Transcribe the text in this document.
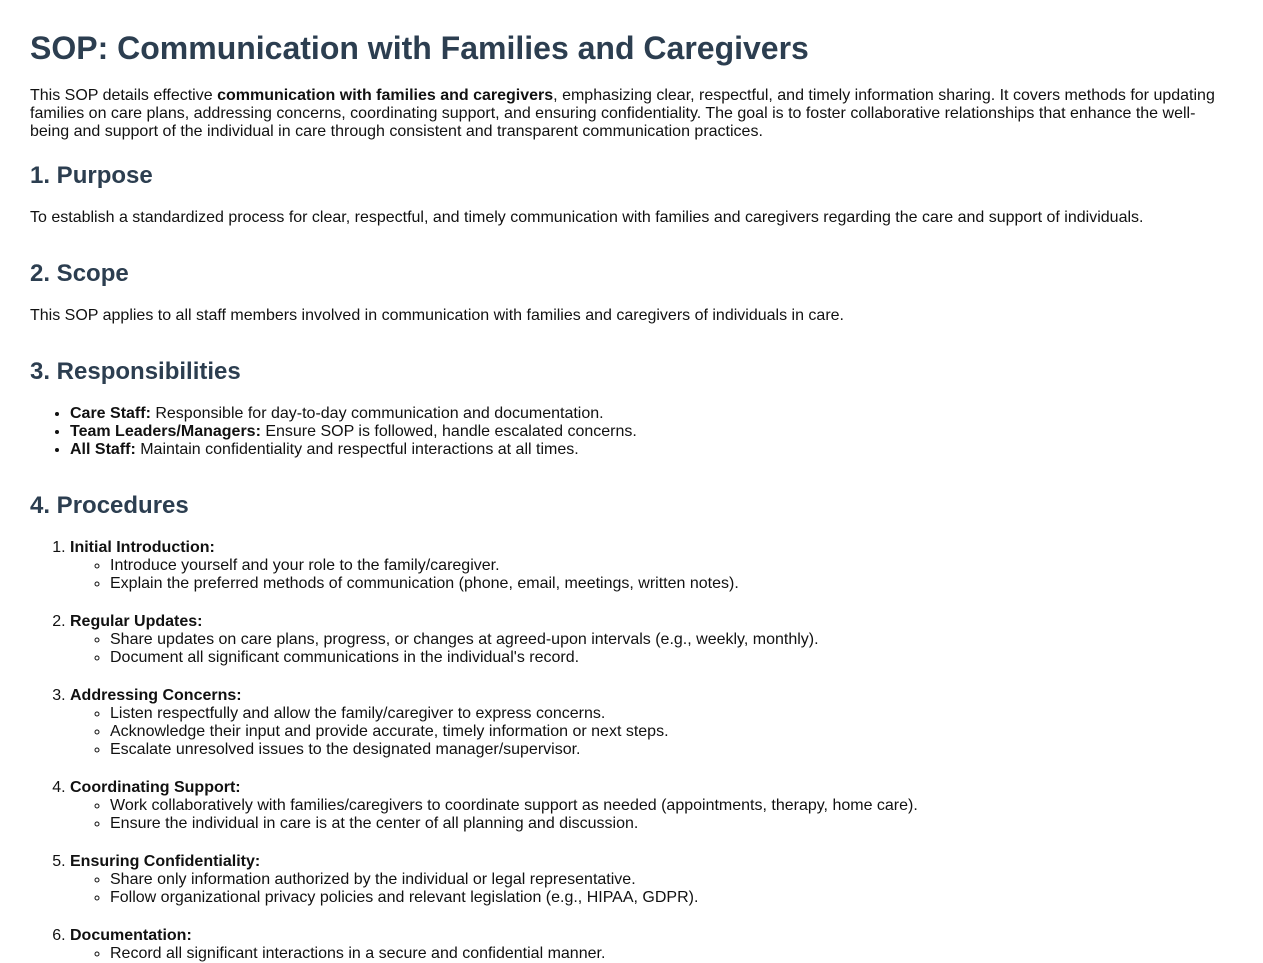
SOP: Communication with Families and Caregivers

This SOP details effective communication with families and caregivers, emphasizing clear, respectful, and timely information sharing. It covers methods for updating families on care plans, addressing concerns, coordinating support, and ensuring confidentiality. The goal is to foster collaborative relationships that enhance the well-being and support of the individual in care through consistent and transparent communication practices.

1. Purpose

To establish a standardized process for clear, respectful, and timely communication with families and caregivers regarding the care and support of individuals.

2. Scope

This SOP applies to all staff members involved in communication with families and caregivers of individuals in care.

3. Responsibilities
• Care Staff: Responsible for day-to-day communication and documentation.
• Team Leaders/Managers: Ensure SOP is followed, handle escalated concerns.
• All Staff: Maintain confidentiality and respectful interactions at all times.
4. Procedures
1. Initial Introduction:
◦ Introduce yourself and your role to the family/caregiver.
◦ Explain the preferred methods of communication (phone, email, meetings, written notes).
2. Regular Updates:
◦ Share updates on care plans, progress, or changes at agreed-upon intervals (e.g., weekly, monthly).
◦ Document all significant communications in the individual's record.
3. Addressing Concerns:
◦ Listen respectfully and allow the family/caregiver to express concerns.
◦ Acknowledge their input and provide accurate, timely information or next steps.
◦ Escalate unresolved issues to the designated manager/supervisor.
4. Coordinating Support:
◦ Work collaboratively with families/caregivers to coordinate support as needed (appointments, therapy, home care).
◦ Ensure the individual in care is at the center of all planning and discussion.
5. Ensuring Confidentiality:
◦ Share only information authorized by the individual or legal representative.
◦ Follow organizational privacy policies and relevant legislation (e.g., HIPAA, GDPR).
6. Documentation:
◦ Record all significant interactions in a secure and confidential manner.
